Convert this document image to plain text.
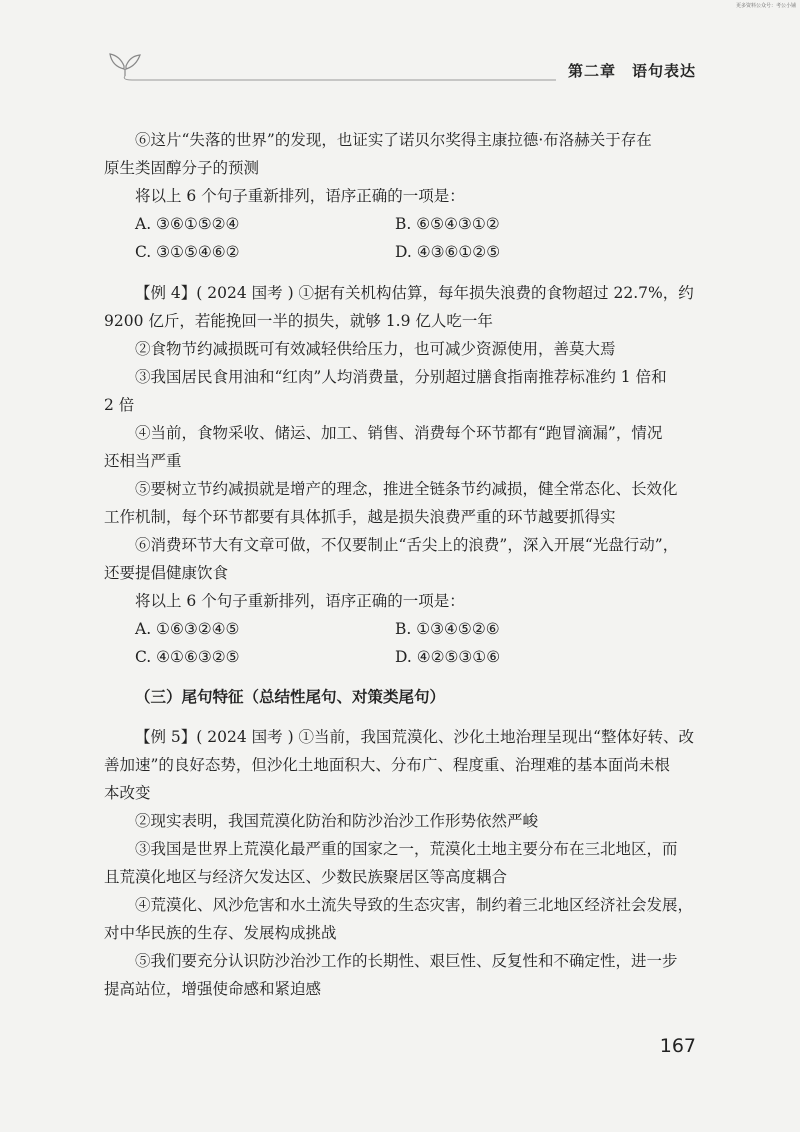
更多资料公众号：考公小铺
第二章　语句表达

⑥这片“失落的世界”的发现，也证实了诺贝尔奖得主康拉德·布洛赫关于存在

原生类固醇分子的预测

将以上 6 个句子重新排列，语序正确的一项是：

A. ③⑥①⑤②④	B. ⑥⑤④③①②
C. ③①⑤④⑥②	D. ④③⑥①②⑤

【例 4】( 2024 国考 ) ①据有关机构估算，每年损失浪费的食物超过 22.7%，约

9200 亿斤，若能挽回一半的损失，就够 1.9 亿人吃一年

②食物节约减损既可有效减轻供给压力，也可减少资源使用，善莫大焉

③我国居民食用油和“红肉”人均消费量，分别超过膳食指南推荐标准约 1 倍和

2 倍

④当前，食物采收、储运、加工、销售、消费每个环节都有“跑冒滴漏”，情况

还相当严重

⑤要树立节约减损就是增产的理念，推进全链条节约减损，健全常态化、长效化

工作机制，每个环节都要有具体抓手，越是损失浪费严重的环节越要抓得实

⑥消费环节大有文章可做，不仅要制止“舌尖上的浪费”，深入开展“光盘行动”，

还要提倡健康饮食

将以上 6 个句子重新排列，语序正确的一项是：

A. ①⑥③②④⑤	B. ①③④⑤②⑥
C. ④①⑥③②⑤	D. ④②⑤③①⑥
（三）尾句特征（总结性尾句、对策类尾句）

【例 5】( 2024 国考 ) ①当前，我国荒漠化、沙化土地治理呈现出“整体好转、改

善加速”的良好态势，但沙化土地面积大、分布广、程度重、治理难的基本面尚未根

本改变

②现实表明，我国荒漠化防治和防沙治沙工作形势依然严峻

③我国是世界上荒漠化最严重的国家之一，荒漠化土地主要分布在三北地区，而

且荒漠化地区与经济欠发达区、少数民族聚居区等高度耦合

④荒漠化、风沙危害和水土流失导致的生态灾害，制约着三北地区经济社会发展，

对中华民族的生存、发展构成挑战

⑤我们要充分认识防沙治沙工作的长期性、艰巨性、反复性和不确定性，进一步

提高站位，增强使命感和紧迫感

167
